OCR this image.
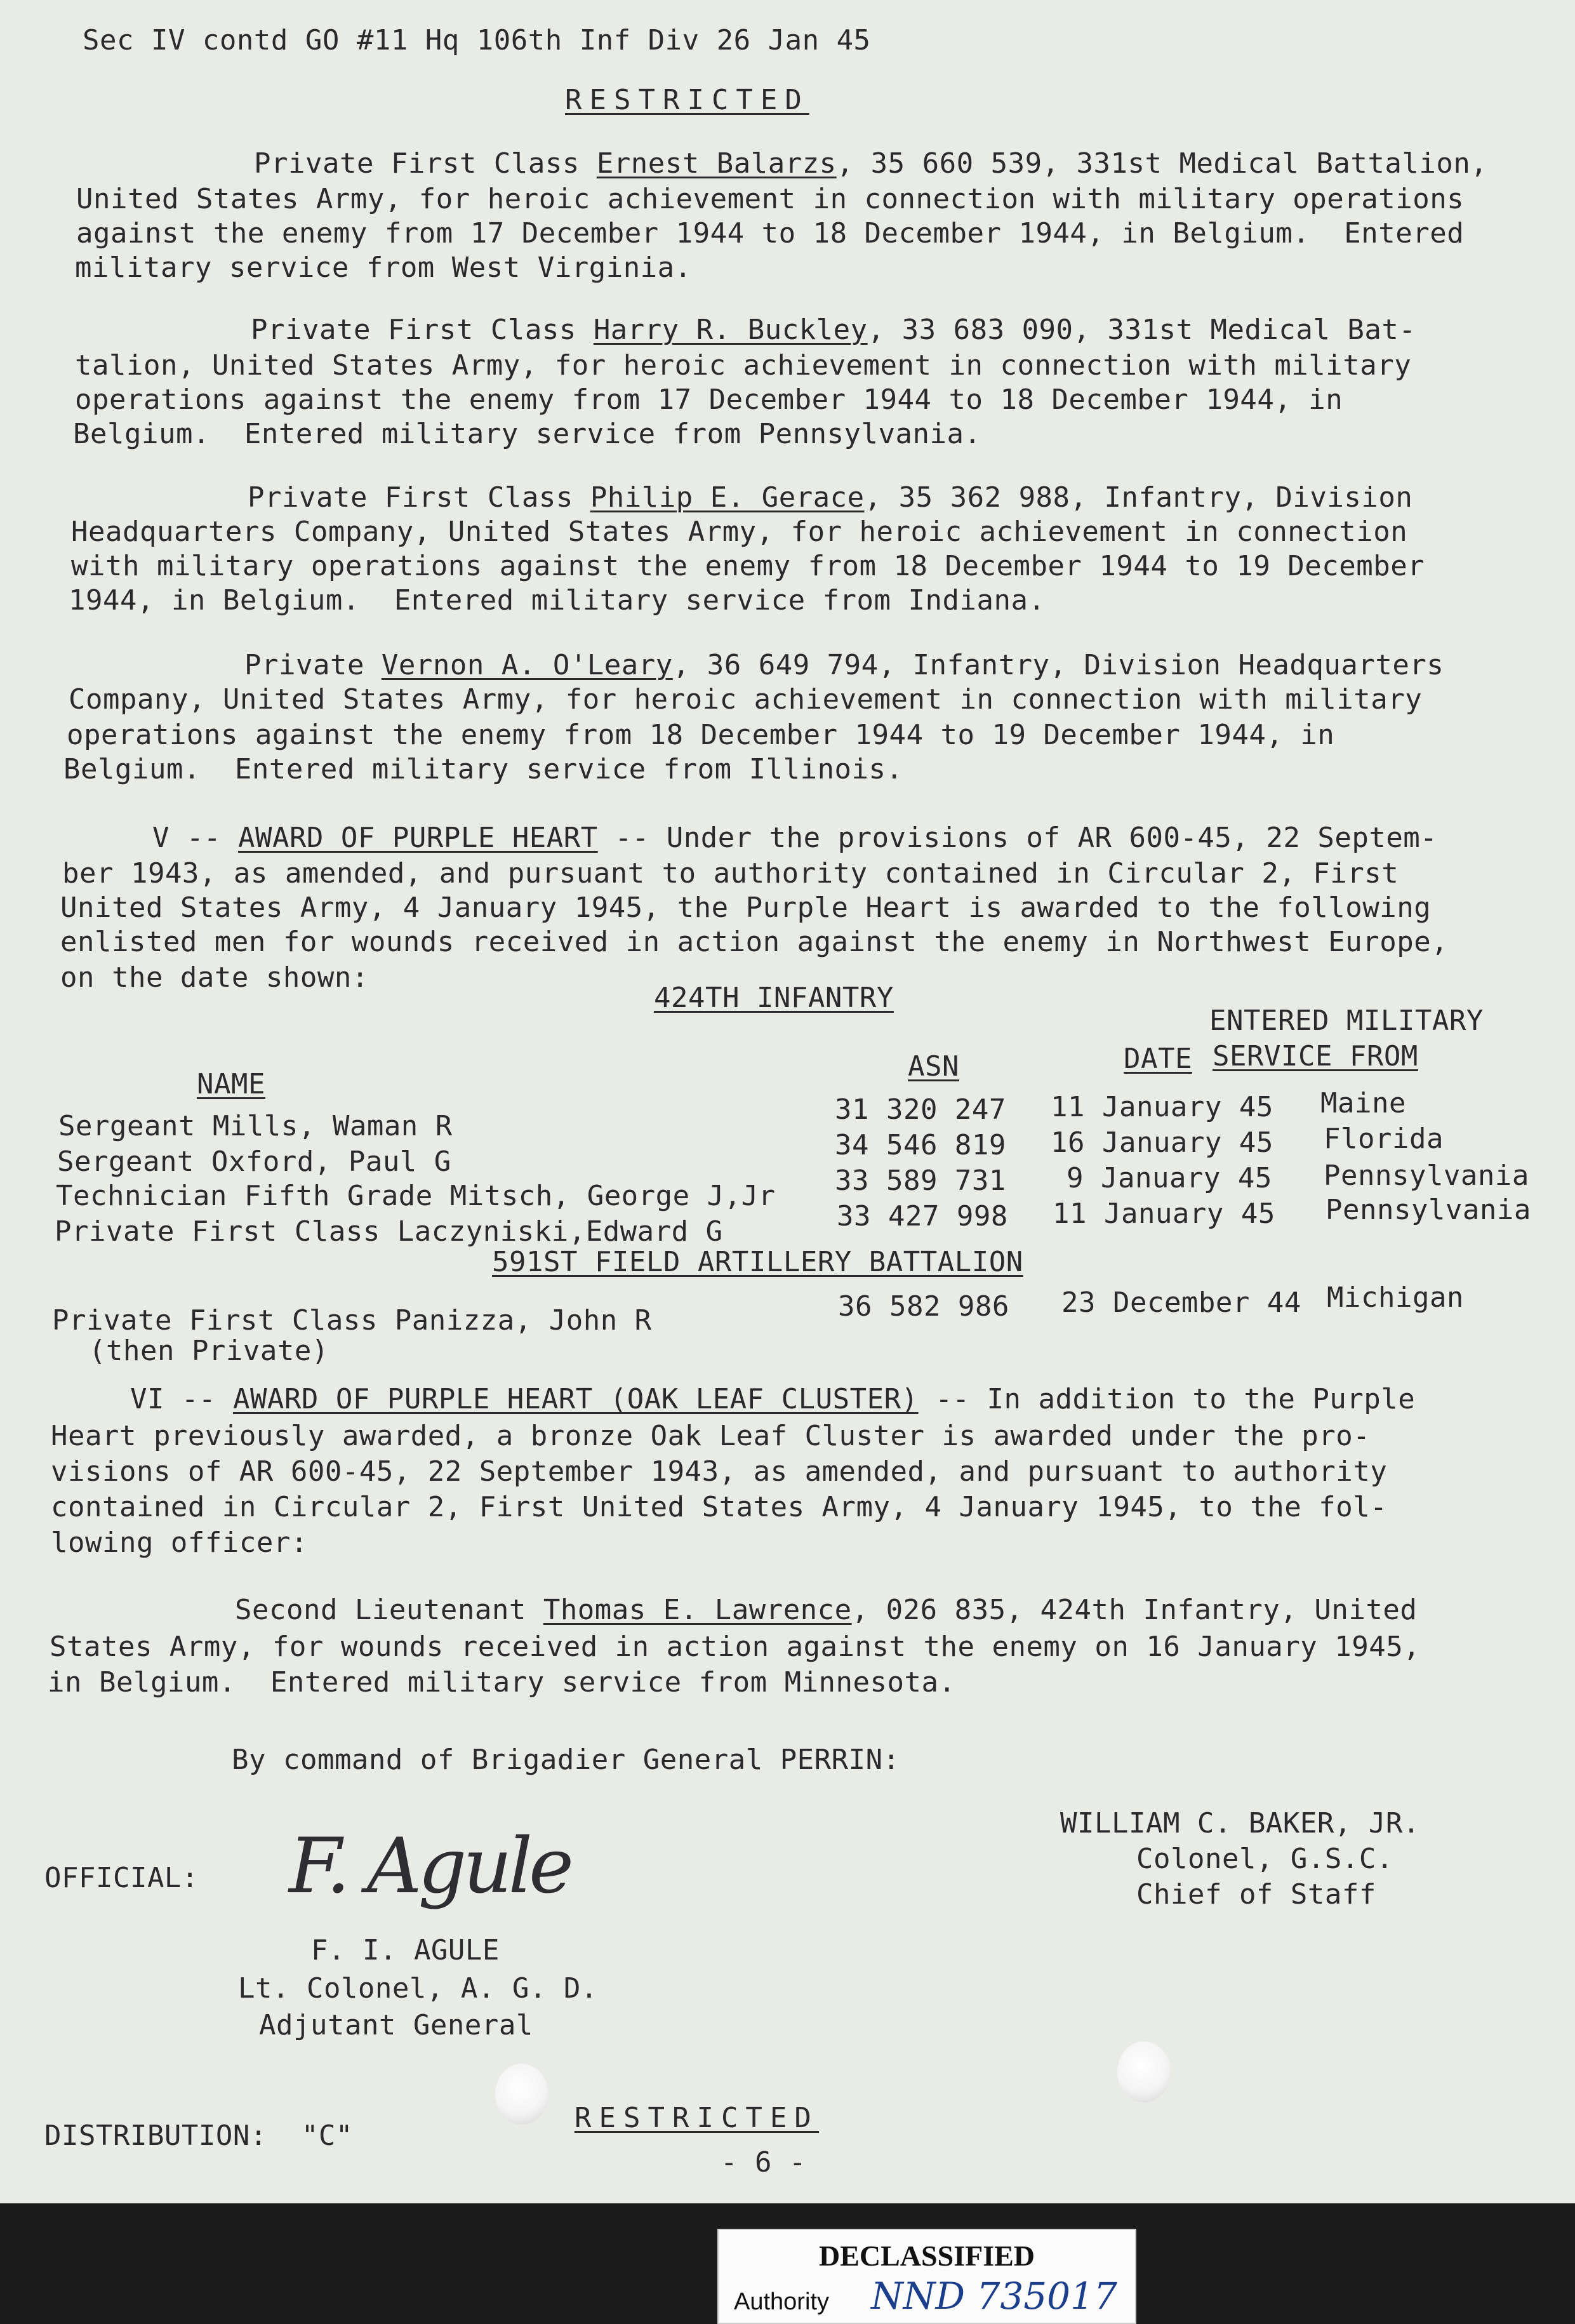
Sec IV contd GO #11 Hq 106th Inf Div 26 Jan 45
RESTRICTED
Private First Class Ernest Balarzs, 35 660 539, 331st Medical Battalion,
United States Army, for heroic achievement in connection with military operations
against the enemy from 17 December 1944 to 18 December 1944, in Belgium.  Entered
military service from West Virginia.
Private First Class Harry R. Buckley, 33 683 090, 331st Medical Bat-
talion, United States Army, for heroic achievement in connection with military
operations against the enemy from 17 December 1944 to 18 December 1944, in
Belgium.  Entered military service from Pennsylvania.
Private First Class Philip E. Gerace, 35 362 988, Infantry, Division
Headquarters Company, United States Army, for heroic achievement in connection
with military operations against the enemy from 18 December 1944 to 19 December
1944, in Belgium.  Entered military service from Indiana.
Private Vernon A. O'Leary, 36 649 794, Infantry, Division Headquarters
Company, United States Army, for heroic achievement in connection with military
operations against the enemy from 18 December 1944 to 19 December 1944, in
Belgium.  Entered military service from Illinois.
V -- AWARD OF PURPLE HEART -- Under the provisions of AR 600-45, 22 Septem-
ber 1943, as amended, and pursuant to authority contained in Circular 2, First
United States Army, 4 January 1945, the Purple Heart is awarded to the following
enlisted men for wounds received in action against the enemy in Northwest Europe,
on the date shown:
424TH INFANTRY
ENTERED MILITARY
NAME
ASN	DATE SERVICE FROM
Sergeant Mills, Waman R
31 320 247 11 January 45 Maine
Sergeant Oxford, Paul G
34 546 819 16 January 45 Florida
Technician Fifth Grade Mitsch, George J,Jr 33 589 731 9 January 45 Pennsylvania
Private First Class Laczyniski,Edward G	33 427 998 11 January 45 Pennsylvania
591ST FIELD ARTILLERY BATTALION
Private First Class Panizza, John R
(then Private)
36 582 986 23 December 44 Michigan
VI -- AWARD OF PURPLE HEART (OAK LEAF CLUSTER) -- In addition to the Purple
Heart previously awarded, a bronze Oak Leaf Cluster is awarded under the pro-
visions of AR 600-45, 22 September 1943, as amended, and pursuant to authority
contained in Circular 2, First United States Army, 4 January 1945, to the fol-
lowing officer:
Second Lieutenant Thomas E. Lawrence, 026 835, 424th Infantry, United
States Army, for wounds received in action against the enemy on 16 January 1945,
in Belgium.  Entered military service from Minnesota.
By command of Brigadier General PERRIN:
WILLIAM C. BAKER, JR.
Colonel, G.S.C.
Chief of Staff
OFFICIAL: F. Agule
F. I. AGULE
Lt. Colonel, A. G. D.
Adjutant General
DISTRIBUTION:  "C"
RESTRICTED
- 6 -
DECLASSIFIED
Authority NND 735017
